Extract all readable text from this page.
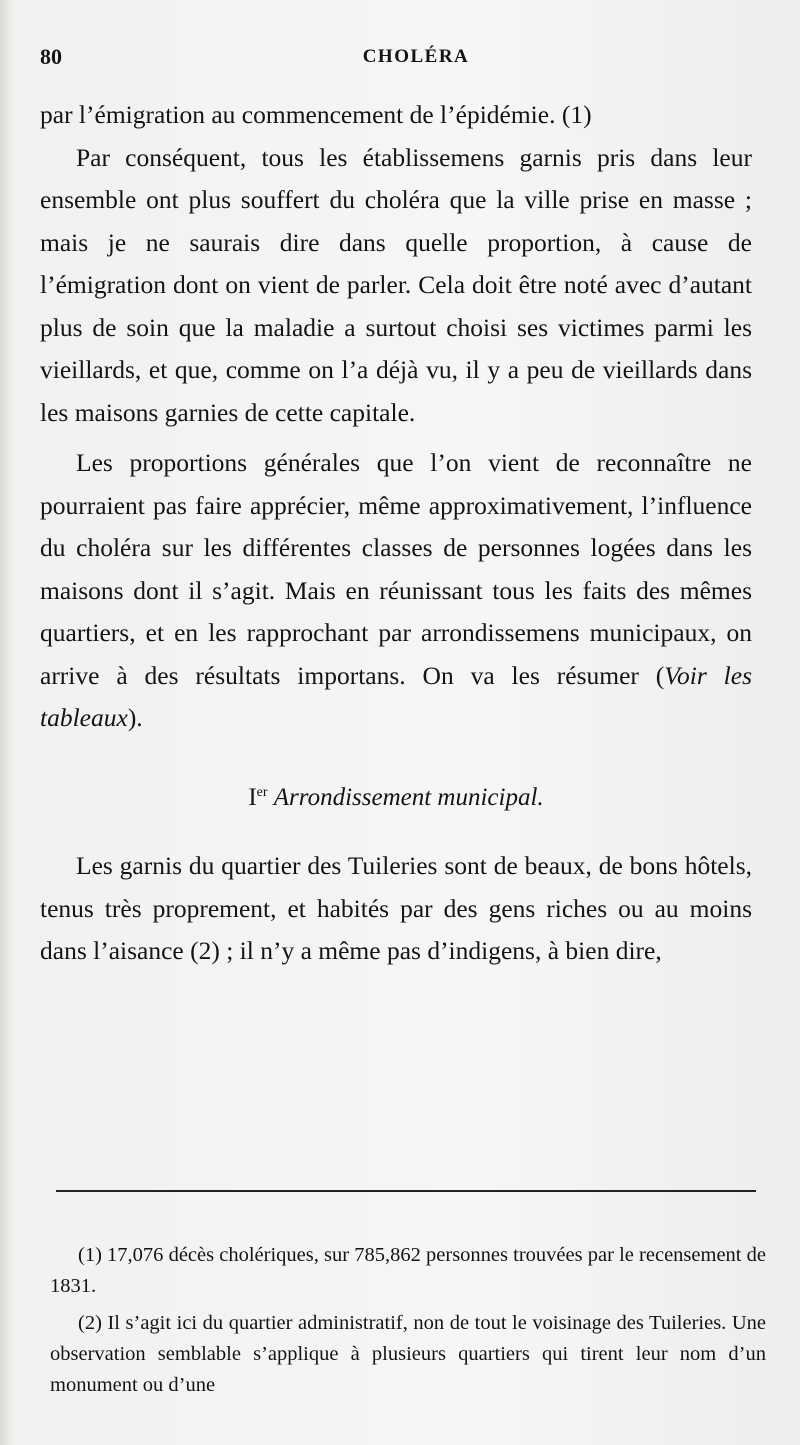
80	CHOLÉRA

par l’émigration au commencement de l’épidémie. (1)

Par conséquent, tous les établissemens garnis pris dans leur ensemble ont plus souffert du choléra que la ville prise en masse ; mais je ne saurais dire dans quelle proportion, à cause de l’émigration dont on vient de parler. Cela doit être noté avec d’autant plus de soin que la maladie a surtout choisi ses victimes parmi les vieillards, et que, comme on l’a déjà vu, il y a peu de vieillards dans les maisons garnies de cette capitale.

Les proportions générales que l’on vient de reconnaître ne pourraient pas faire apprécier, même approximativement, l’influence du choléra sur les différentes classes de personnes logées dans les maisons dont il s’agit. Mais en réunissant tous les faits des mêmes quartiers, et en les rapprochant par arrondissemens municipaux, on arrive à des résultats importans. On va les résumer (Voir les tableaux).

Ier Arrondissement municipal.

Les garnis du quartier des Tuileries sont de beaux, de bons hôtels, tenus très proprement, et habités par des gens riches ou au moins dans l’aisance (2) ; il n’y a même pas d’indigens, à bien dire,

(1) 17,076 décès cholériques, sur 785,862 personnes trouvées par le recensement de 1831.

(2) Il s’agit ici du quartier administratif, non de tout le voisinage des Tuileries. Une observation semblable s’applique à plusieurs quartiers qui tirent leur nom d’un monument ou d’une
